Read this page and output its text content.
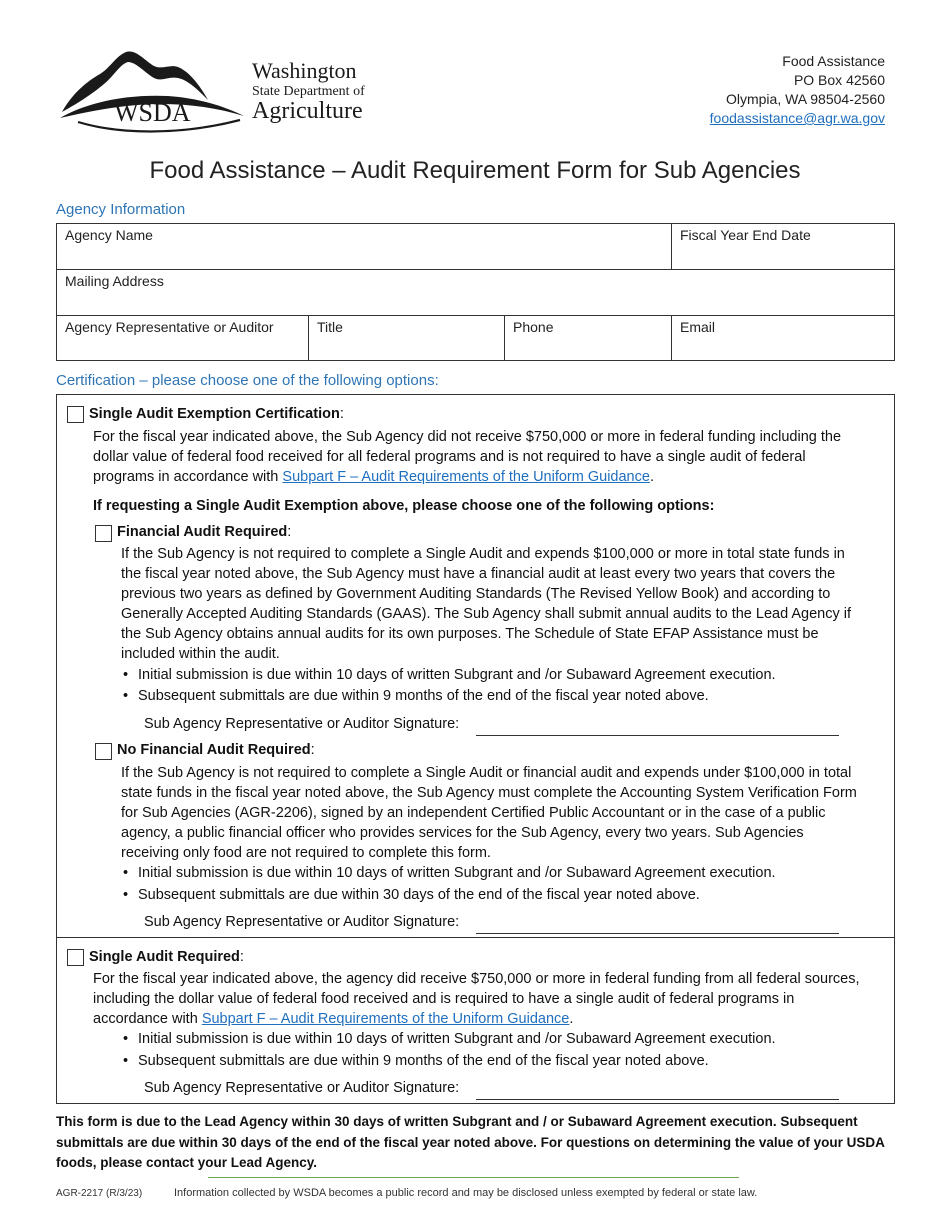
WSDA
Washington
State Department of
Agriculture
Food Assistance
PO Box 42560
Olympia, WA 98504-2560
foodassistance@agr.wa.gov
Food Assistance – Audit Requirement Form for Sub Agencies
Agency Information
Agency Name	Fiscal Year End Date
Mailing Address
Agency Representative or Auditor	Title	Phone	Email
Certification – please choose one of the following options:
Single Audit Exemption Certification:
For the fiscal year indicated above, the Sub Agency did not receive $750,000 or more in federal funding including the
dollar value of federal food received for all federal programs and is not required to have a single audit of federal
programs in accordance with Subpart F – Audit Requirements of the Uniform Guidance.
If requesting a Single Audit Exemption above, please choose one of the following options:
Financial Audit Required:
If the Sub Agency is not required to complete a Single Audit and expends $100,000 or more in total state funds in
the fiscal year noted above, the Sub Agency must have a financial audit at least every two years that covers the
previous two years as defined by Government Auditing Standards (The Revised Yellow Book) and according to
Generally Accepted Auditing Standards (GAAS). The Sub Agency shall submit annual audits to the Lead Agency if
the Sub Agency obtains annual audits for its own purposes. The Schedule of State EFAP Assistance must be
included within the audit.
• Initial submission is due within 10 days of written Subgrant and /or Subaward Agreement execution.
• Subsequent submittals are due within 9 months of the end of the fiscal year noted above.
Sub Agency Representative or Auditor Signature:
No Financial Audit Required:
If the Sub Agency is not required to complete a Single Audit or financial audit and expends under $100,000 in total
state funds in the fiscal year noted above, the Sub Agency must complete the Accounting System Verification Form
for Sub Agencies (AGR-2206), signed by an independent Certified Public Accountant or in the case of a public
agency, a public financial officer who provides services for the Sub Agency, every two years. Sub Agencies
receiving only food are not required to complete this form.
• Initial submission is due within 10 days of written Subgrant and /or Subaward Agreement execution.
• Subsequent submittals are due within 30 days of the end of the fiscal year noted above.
Sub Agency Representative or Auditor Signature:
Single Audit Required:
For the fiscal year indicated above, the agency did receive $750,000 or more in federal funding from all federal sources,
including the dollar value of federal food received and is required to have a single audit of federal programs in
accordance with Subpart F – Audit Requirements of the Uniform Guidance.
• Initial submission is due within 10 days of written Subgrant and /or Subaward Agreement execution.
• Subsequent submittals are due within 9 months of the end of the fiscal year noted above.
Sub Agency Representative or Auditor Signature:
This form is due to the Lead Agency within 30 days of written Subgrant and / or Subaward Agreement execution. Subsequent
submittals are due within 30 days of the end of the fiscal year noted above. For questions on determining the value of your USDA
foods, please contact your Lead Agency.
AGR-2217 (R/3/23)	Information collected by WSDA becomes a public record and may be disclosed unless exempted by federal or state law.
